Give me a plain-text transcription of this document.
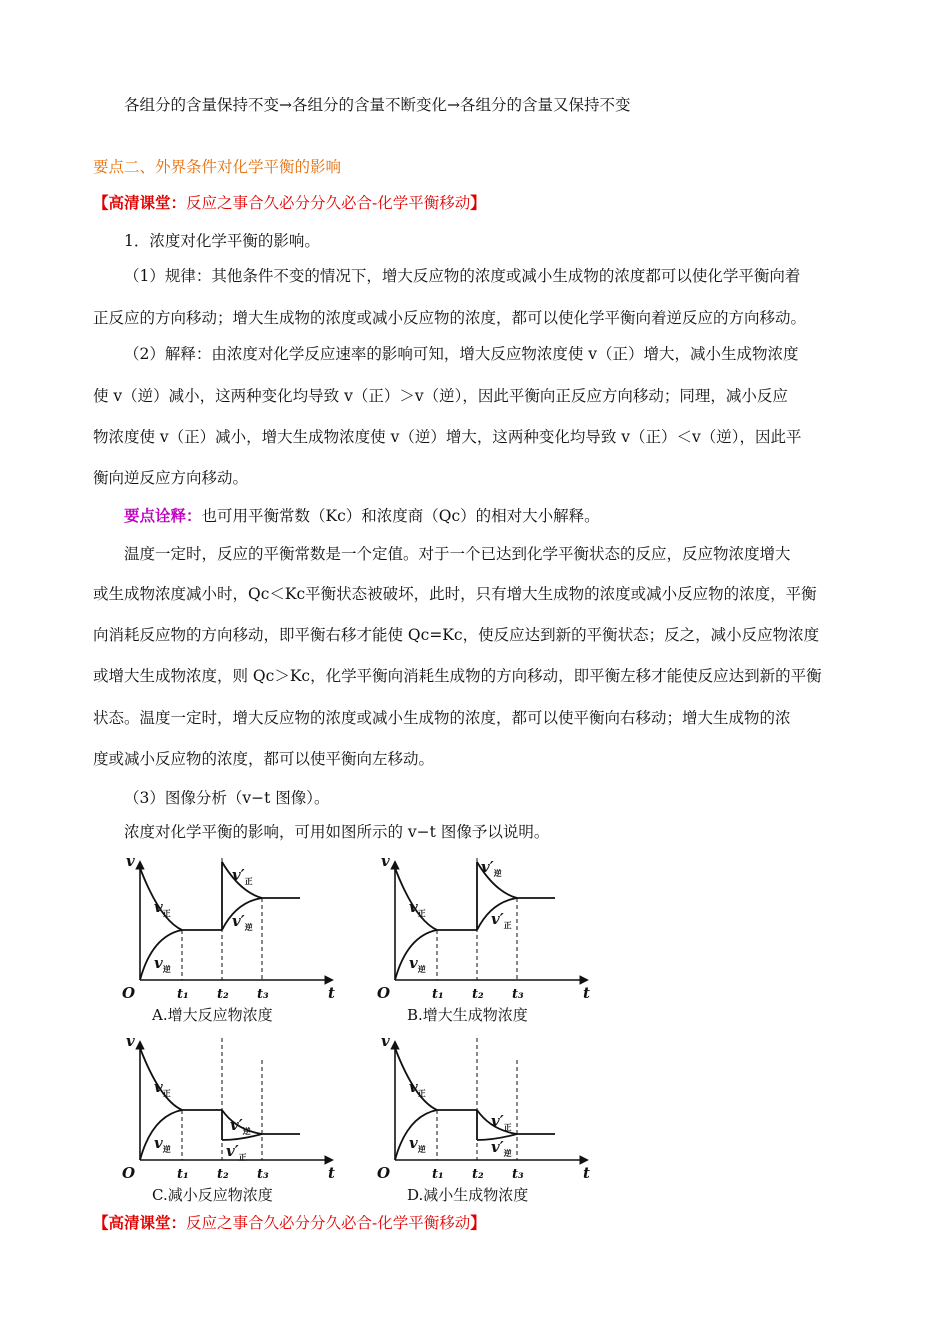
各组分的含量保持不变→各组分的含量不断变化→各组分的含量又保持不变
要点二、外界条件对化学平衡的影响
【高清课堂：反应之事合久必分分久必合-化学平衡移动】
1．浓度对化学平衡的影响。
（1）规律：其他条件不变的情况下，增大反应物的浓度或减小生成物的浓度都可以使化学平衡向着
正反应的方向移动；增大生成物的浓度或减小反应物的浓度，都可以使化学平衡向着逆反应的方向移动。
（2）解释：由浓度对化学反应速率的影响可知，增大反应物浓度使 v（正）增大，减小生成物浓度
使 v（逆）减小，这两种变化均导致 v（正）＞v（逆），因此平衡向正反应方向移动；同理，减小反应
物浓度使 v（正）减小，增大生成物浓度使 v（逆）增大，这两种变化均导致 v（正）＜v（逆），因此平
衡向逆反应方向移动。
要点诠释：也可用平衡常数（Kc）和浓度商（Qc）的相对大小解释。
温度一定时，反应的平衡常数是一个定值。对于一个已达到化学平衡状态的反应，反应物浓度增大
或生成物浓度减小时，Qc＜Kc平衡状态被破坏，此时，只有增大生成物的浓度或减小反应物的浓度，平衡
向消耗反应物的方向移动，即平衡右移才能使 Qc=Kc，使反应达到新的平衡状态；反之，减小反应物浓度
或增大生成物浓度，则 Qc＞Kc，化学平衡向消耗生成物的方向移动，即平衡左移才能使反应达到新的平衡
状态。温度一定时，增大反应物的浓度或减小生成物的浓度，都可以使平衡向右移动；增大生成物的浓
度或减小反应物的浓度，都可以使平衡向左移动。
（3）图像分析（v−t 图像）。
浓度对化学平衡的影响，可用如图所示的 v−t 图像予以说明。
v
t
O	t₁ t₂ t₃
$v_正$
$v_逆$
$v'_正$
$v'_逆$
A.增大反应物浓度
v
t
O	t₁ t₂ t₃
$v_正$
$v_逆$
$v'_逆$
$v'_正$
B.增大生成物浓度
v
t
O	t₁ t₂ t₃
$v_正$
$v_逆$
$v'_逆$
$v'_正$
C.减小反应物浓度
v
t
O	t₁ t₂ t₃
$v_正$
$v_逆$
$v'_正$
$v'_逆$
D.减小生成物浓度
【高清课堂：反应之事合久必分分久必合-化学平衡移动】
